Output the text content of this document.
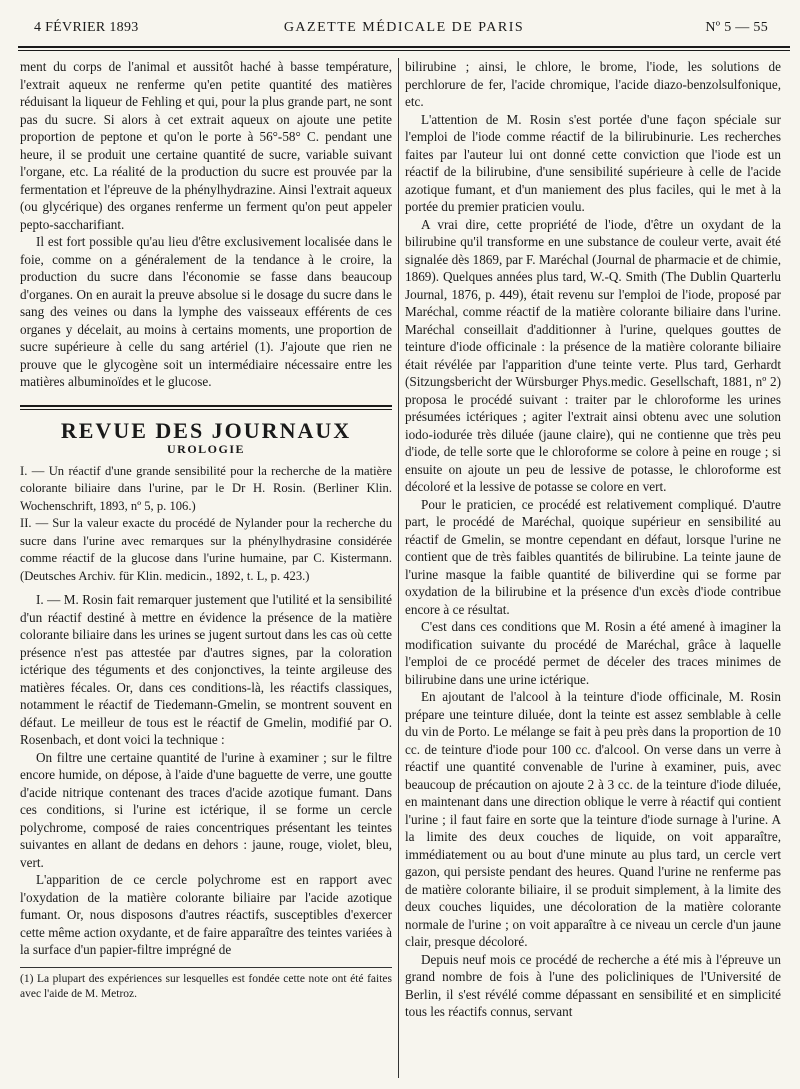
4 FÉVRIER 1893	GAZETTE MÉDICALE DE PARIS	Nº 5 — 55

ment du corps de l'animal et aussitôt haché à basse température, l'extrait aqueux ne renferme qu'en petite quantité des matières réduisant la liqueur de Fehling et qui, pour la plus grande part, ne sont pas du sucre. Si alors à cet extrait aqueux on ajoute une petite proportion de peptone et qu'on le porte à 56°-58° C. pendant une heure, il se produit une certaine quantité de sucre, variable suivant l'organe, etc. La réalité de la production du sucre est prouvée par la fermentation et l'épreuve de la phénylhydrazine. Ainsi l'extrait aqueux (ou glycérique) des organes renferme un ferment qu'on peut appeler pepto-saccharifiant.

Il est fort possible qu'au lieu d'être exclusivement localisée dans le foie, comme on a généralement de la tendance à le croire, la production du sucre dans l'économie se fasse dans beaucoup d'organes. On en aurait la preuve absolue si le dosage du sucre dans le sang des veines ou dans la lymphe des vaisseaux efférents de ces organes y décelait, au moins à certains moments, une proportion de sucre supérieure à celle du sang artériel (1). J'ajoute que rien ne prouve que le glycogène soit un intermédiaire nécessaire entre les matières albuminoïdes et le glucose.

REVUE DES JOURNAUX
UROLOGIE

I. — Un réactif d'une grande sensibilité pour la recherche de la matière colorante biliaire dans l'urine, par le Dr H. Rosin. (Berliner Klin. Wochenschrift, 1893, nº 5, p. 106.)

II. — Sur la valeur exacte du procédé de Nylander pour la recherche du sucre dans l'urine avec remarques sur la phénylhydrasine considérée comme réactif de la glucose dans l'urine humaine, par C. Kistermann. (Deutsches Archiv. für Klin. medicin., 1892, t. L, p. 423.)

I. — M. Rosin fait remarquer justement que l'utilité et la sensibilité d'un réactif destiné à mettre en évidence la présence de la matière colorante biliaire dans les urines se jugent surtout dans les cas où cette présence n'est pas attestée par d'autres signes, par la coloration ictérique des téguments et des conjonctives, la teinte argileuse des matières fécales. Or, dans ces conditions-là, les réactifs classiques, notamment le réactif de Tiedemann-Gmelin, se montrent souvent en défaut. Le meilleur de tous est le réactif de Gmelin, modifié par O. Rosenbach, et dont voici la technique :

On filtre une certaine quantité de l'urine à examiner ; sur le filtre encore humide, on dépose, à l'aide d'une baguette de verre, une goutte d'acide nitrique contenant des traces d'acide azotique fumant. Dans ces conditions, si l'urine est ictérique, il se forme un cercle polychrome, composé de raies concentriques présentant les teintes suivantes en allant de dedans en dehors : jaune, rouge, violet, bleu, vert.

L'apparition de ce cercle polychrome est en rapport avec l'oxydation de la matière colorante biliaire par l'acide azotique fumant. Or, nous disposons d'autres réactifs, susceptibles d'exercer cette même action oxydante, et de faire apparaître des teintes variées à la surface d'un papier-filtre imprégné de

(1) La plupart des expériences sur lesquelles est fondée cette note ont été faites avec l'aide de M. Metroz.

bilirubine ; ainsi, le chlore, le brome, l'iode, les solutions de perchlorure de fer, l'acide chromique, l'acide diazo-benzolsulfonique, etc.

L'attention de M. Rosin s'est portée d'une façon spéciale sur l'emploi de l'iode comme réactif de la bilirubinurie. Les recherches faites par l'auteur lui ont donné cette conviction que l'iode est un réactif de la bilirubine, d'une sensibilité supérieure à celle de l'acide azotique fumant, et d'un maniement des plus faciles, qui le met à la portée du premier praticien voulu.

A vrai dire, cette propriété de l'iode, d'être un oxydant de la bilirubine qu'il transforme en une substance de couleur verte, avait été signalée dès 1869, par F. Maréchal (Journal de pharmacie et de chimie, 1869). Quelques années plus tard, W.-Q. Smith (The Dublin Quarterlu Journal, 1876, p. 449), était revenu sur l'emploi de l'iode, proposé par Maréchal, comme réactif de la matière colorante biliaire dans l'urine. Maréchal conseillait d'additionner à l'urine, quelques gouttes de teinture d'iode officinale : la présence de la matière colorante biliaire était révélée par l'apparition d'une teinte verte. Plus tard, Gerhardt (Sitzungsbericht der Würsburger Phys.medic. Gesellschaft, 1881, nº 2) proposa le procédé suivant : traiter par le chloroforme les urines présumées ictériques ; agiter l'extrait ainsi obtenu avec une solution iodo-iodurée très diluée (jaune claire), qui ne contienne que très peu d'iode, de telle sorte que le chloroforme se colore à peine en rouge ; si ensuite on ajoute un peu de lessive de potasse, le chloroforme est décoloré et la lessive de potasse se colore en vert.

Pour le praticien, ce procédé est relativement compliqué. D'autre part, le procédé de Maréchal, quoique supérieur en sensibilité au réactif de Gmelin, se montre cependant en défaut, lorsque l'urine ne contient que de très faibles quantités de bilirubine. La teinte jaune de l'urine masque la faible quantité de biliverdine qui se forme par oxydation de la bilirubine et la présence d'un excès d'iode contribue encore à ce résultat.

C'est dans ces conditions que M. Rosin a été amené à imaginer la modification suivante du procédé de Maréchal, grâce à laquelle l'emploi de ce procédé permet de déceler des traces minimes de bilirubine dans une urine ictérique.

En ajoutant de l'alcool à la teinture d'iode officinale, M. Rosin prépare une teinture diluée, dont la teinte est assez semblable à celle du vin de Porto. Le mélange se fait à peu près dans la proportion de 10 cc. de teinture d'iode pour 100 cc. d'alcool. On verse dans un verre à réactif une quantité convenable de l'urine à examiner, puis, avec beaucoup de précaution on ajoute 2 à 3 cc. de la teinture d'iode diluée, en maintenant dans une direction oblique le verre à réactif qui contient l'urine ; il faut faire en sorte que la teinture d'iode surnage à l'urine. A la limite des deux couches de liquide, on voit apparaître, immédiatement ou au bout d'une minute au plus tard, un cercle vert gazon, qui persiste pendant des heures. Quand l'urine ne renferme pas de matière colorante biliaire, il se produit simplement, à la limite des deux couches liquides, une décoloration de la matière colorante normale de l'urine ; on voit apparaître à ce niveau un cercle d'un jaune clair, presque décoloré.

Depuis neuf mois ce procédé de recherche a été mis à l'épreuve un grand nombre de fois à l'une des policliniques de l'Université de Berlin, il s'est révélé comme dépassant en sensibilité et en simplicité tous les réactifs connus, servant
